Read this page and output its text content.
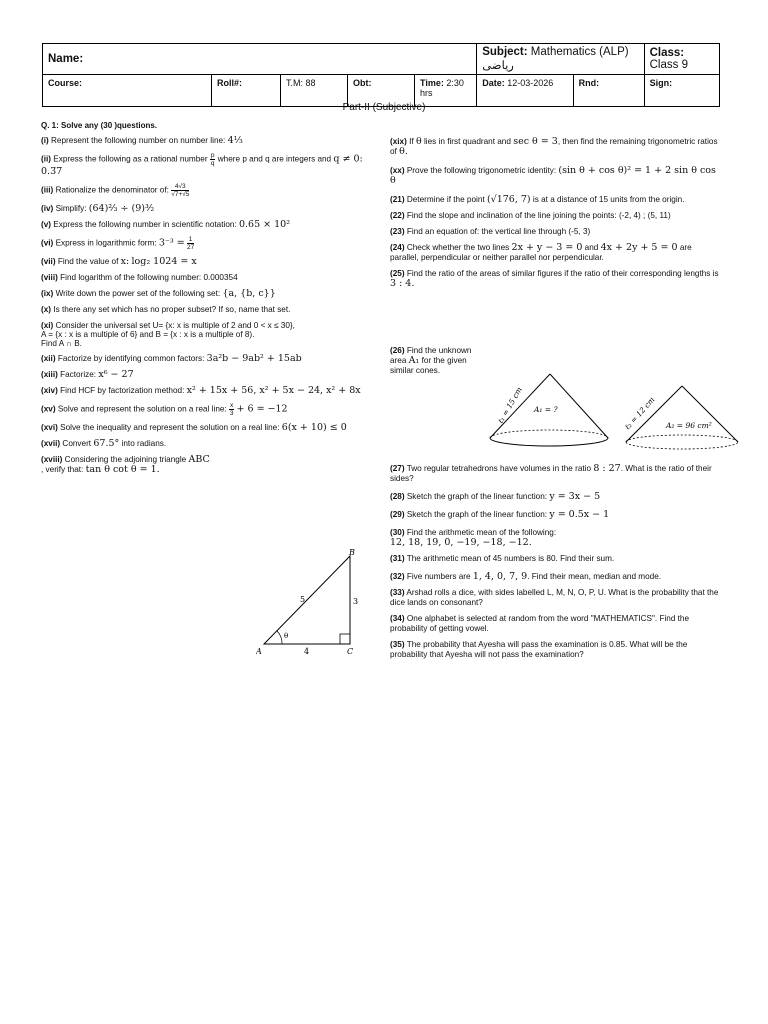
Name:					Subject: Mathematics (ALP) ریاضی		Class: Class 9
Course:	Roll#:	T.M: 88	Obt:	Time: 2:30 hrs	Date: 12-03-2026	Rnd:	Sign:
Part-II (Subjective)
Q. 1: Solve any (30 )questions.
(i) Represent the following number on number line: 4⅓
(ii) Express the following as a rational number $\frac{p}{q}$ where p and q are integers and q ≠ 0: 0.3̅7̅
(iii) Rationalize the denominator of: $\frac{4√3}{√7+√5}$
(iv) Simplify: (64)⅔ ÷ (9)³⁄₂
(v) Express the following number in scientific notation: 0.65 × 10²
(vi) Express in logarithmic form: $3^{-3} = \frac{1}{27}$
(vii) Find the value of x: log₂ 1024 = x
(viii) Find logarithm of the following number: 0.000354
(ix) Write down the power set of the following set: {a, {b, c}}
(x) Is there any set which has no proper subset? If so, name that set.
(xi) Consider the universal set U= {x: x is multiple of 2 and 0 < x ≤ 30},
A = {x : x is a multiple of 6} and B = {x : x is a multiple of 8).
Find A ∩ B.
(xii) Factorize by identifying common factors: 3a²b − 9ab² + 15ab
(xiii) Factorize: x⁶ − 27
(xiv) Find HCF by factorization method: x² + 15x + 56, x² + 5x − 24, x² + 8x
(xv) Solve and represent the solution on a real line: $\frac{x}{3} + 6 = -12$
(xvi) Solve the inequality and represent the solution on a real line: 6(x + 10) ≤ 0
(xvii) Convert 67.5° into radians.
(xviii) Considering the adjoining triangle ABC
, verify that: tan θ cot θ = 1.
B
A	C
5	3
4
θ
(xix) If θ lies in first quadrant and sec θ = 3, then find the remaining trigonometric ratios of θ.
(xx) Prove the following trigonometric identity: (sin θ + cos θ)² = 1 + 2 sin θ cos θ
(21) Determine if the point (√176, 7) is at a distance of 15 units from the origin.
(22) Find the slope and inclination of the line joining the points: (-2, 4) ; (5, 11)
(23) Find an equation of: the vertical line through (-5, 3)
(24) Check whether the two lines 2x + y − 3 = 0 and 4x + 2y + 5 = 0 are parallel, perpendicular or neither parallel nor perpendicular.
(25) Find the ratio of the areas of similar figures if the ratio of their corresponding lengths is 3 : 4.
(26) Find the unknown area A₁ for the given similar cones.
ℓ₁ = 15 cm A₁ = ?	ℓ₂ = 12 cm A₂ = 96 cm²
(27) Two regular tetrahedrons have volumes in the ratio 8 : 27. What is the ratio of their sides?
(28) Sketch the graph of the linear function: y = 3x − 5
(29) Sketch the graph of the linear function: y = 0.5x − 1
(30) Find the arithmetic mean of the following:
12, 18, 19, 0, −19, −18, −12.
(31) The arithmetic mean of 45 numbers is 80. Find their sum.
(32) Five numbers are 1, 4, 0, 7, 9. Find their mean, median and mode.
(33) Arshad rolls a dice, with sides labelled L, M, N, O, P, U. What is the probability that the dice lands on consonant?
(34) One alphabet is selected at random from the word "MATHEMATICS". Find the probability of getting vowel.
(35) The probability that Ayesha will pass the examination is 0.85. What will be the probability that Ayesha will not pass the examination?
